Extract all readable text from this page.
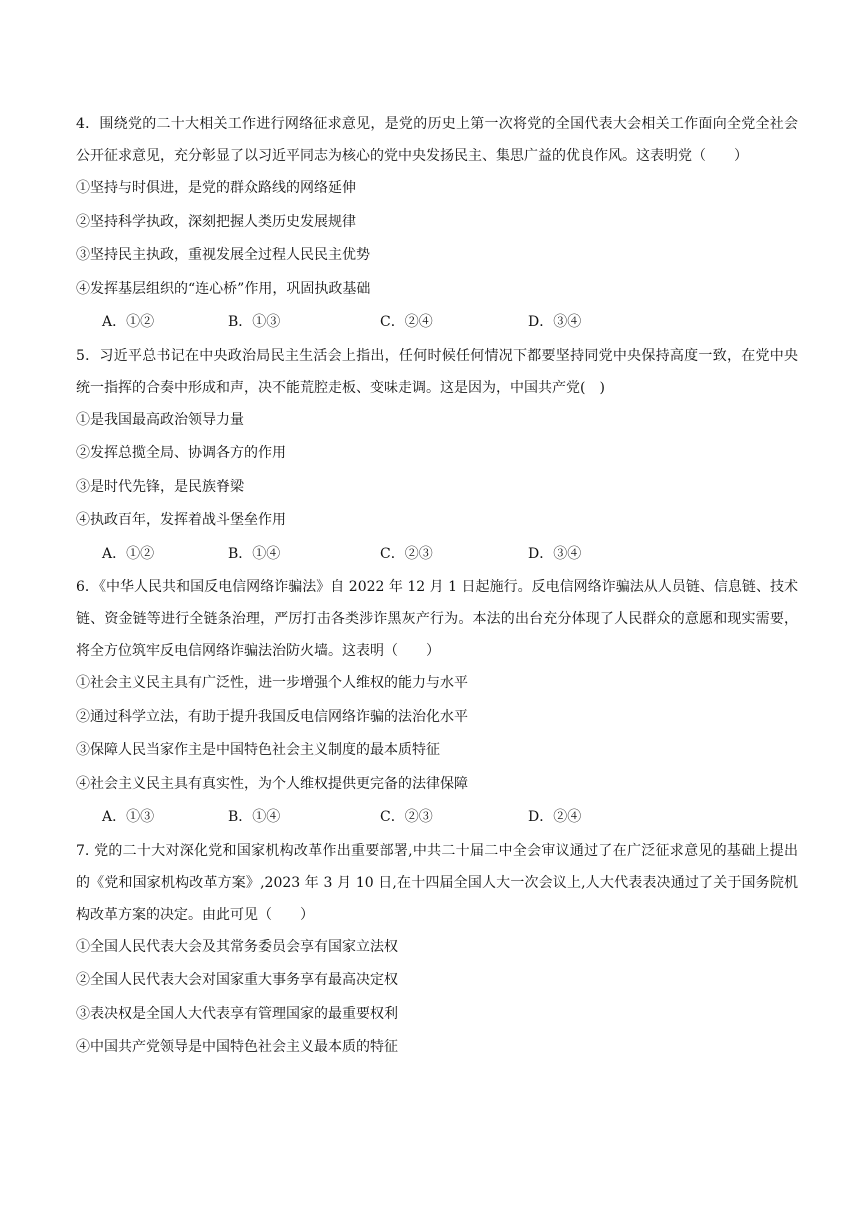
4．围绕党的二十大相关工作进行网络征求意见，是党的历史上第一次将党的全国代表大会相关工作面向全党全社会公开征求意见，充分彰显了以习近平同志为核心的党中央发扬民主、集思广益的优良作风。这表明党（　　）

①坚持与时俱进，是党的群众路线的网络延伸

②坚持科学执政，深刻把握人类历史发展规律

③坚持民主执政，重视发展全过程人民民主优势

④发挥基层组织的“连心桥”作用，巩固执政基础

A．①②	B．①③	C．②④	D．③④

5．习近平总书记在中央政治局民主生活会上指出，任何时候任何情况下都要坚持同党中央保持高度一致，在党中央统一指挥的合奏中形成和声，决不能荒腔走板、变味走调。这是因为，中国共产党(　)

①是我国最高政治领导力量

②发挥总揽全局、协调各方的作用

③是时代先锋，是民族脊梁

④执政百年，发挥着战斗堡垒作用

A．①②	B．①④	C．②③	D．③④

6．《中华人民共和国反电信网络诈骗法》自 2022 年 12 月 1 日起施行。反电信网络诈骗法从人员链、信息链、技术链、资金链等进行全链条治理，严厉打击各类涉诈黑灰产行为。本法的出台充分体现了人民群众的意愿和现实需要，将全方位筑牢反电信网络诈骗法治防火墙。这表明（　　）

①社会主义民主具有广泛性，进一步增强个人维权的能力与水平

②通过科学立法，有助于提升我国反电信网络诈骗的法治化水平

③保障人民当家作主是中国特色社会主义制度的最本质特征

④社会主义民主具有真实性，为个人维权提供更完备的法律保障

A．①③	B．①④	C．②③	D．②④

7. 党的二十大对深化党和国家机构改革作出重要部署,中共二十届二中全会审议通过了在广泛征求意见的基础上提出的《党和国家机构改革方案》,2023 年 3 月 10 日,在十四届全国人大一次会议上,人大代表表决通过了关于国务院机构改革方案的决定。由此可见（　　）

①全国人民代表大会及其常务委员会享有国家立法权

②全国人民代表大会对国家重大事务享有最高决定权

③表决权是全国人大代表享有管理国家的最重要权利

④中国共产党领导是中国特色社会主义最本质的特征
